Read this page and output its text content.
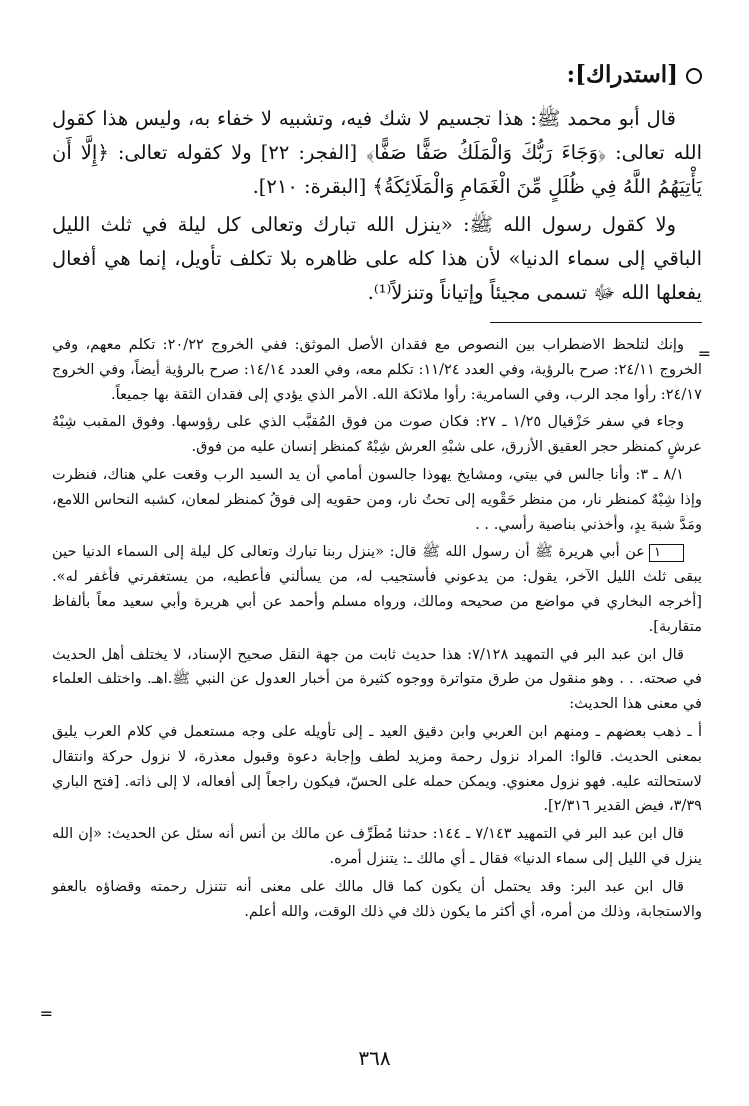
=
=
[استدراك]:

قال أبو محمد ﷺ: هذا تجسيم لا شك فيه، وتشبيه لا خفاء به، وليس هذا كقول الله تعالى: ﴿وَجَاءَ رَبُّكَ وَالْمَلَكُ صَفًّا صَفًّا﴾ [الفجر: ٢٢] ولا كقوله تعالى: ﴿إِلَّا أَن يَأْتِيَهُمُ اللَّهُ فِي ظُلَلٍ مِّنَ الْغَمَامِ وَالْمَلَائِكَةُ﴾ [البقرة: ٢١٠].

ولا كقول رسول الله ﷺ: «ينزل الله تبارك وتعالى كل ليلة في ثلث الليل الباقي إلى سماء الدنيا» لأن هذا كله على ظاهره بلا تكلف تأويل، إنما هي أفعال يفعلها الله ﷻ تسمى مجيئاً وإتياناً وتنزلاً⁽¹⁾.

وإنك لتلحظ الاضطراب بين النصوص مع فقدان الأصل الموثق: ففي الخروج ٢٠/٢٢: تكلم معهم، وفي الخروج ٢٤/١١: صرح بالرؤية، وفي العدد ١١/٢٤: تكلم معه، وفي العدد ١٤/١٤: صرح بالرؤية أيضاً، وفي الخروج ٢٤/١٧: رأوا مجد الرب، وفي السامرية: رأوا ملائكة الله. الأمر الذي يؤدي إلى فقدان الثقة بها جميعاً.

وجاء في سفر حَزْقيال ١/٢٥ ـ ٢٧: فكان صوت من فوق المُقبَّب الذي على رؤوسها. وفوق المقبب شِبْهُ عرشٍ كمنظر حجر العقيق الأزرق، على شبْهِ العرش شِبْهٌ كمنظر إنسان عليه من فوق.

٨/١ ـ ٣: وأنا جالس في بيتي، ومشايخ يهوذا جالسون أمامي أن يد السيد الرب وقعت علي هناك، فنظرت وإذا شِبْهٌ كمنظر نار، من منظر حَقْويه إلى تحتُ نار، ومن حقويه إلى فوقُ كمنظر لمعان، كشبه النحاس اللامع، ومَدَّ شبهَ يدٍ، وأخذني بناصية رأسي. . .

١عن أبي هريرة ﷺ أن رسول الله ﷺ قال: «ينزل ربنا تبارك وتعالى كل ليلة إلى السماء الدنيا حين يبقى ثلث الليل الآخر، يقول: من يدعوني فأستجيب له، من يسألني فأعطيه، من يستغفرني فأغفر له». [أخرجه البخاري في مواضع من صحيحه ومالك، ورواه مسلم وأحمد عن أبي هريرة وأبي سعيد معاً بألفاظ متقاربة].

قال ابن عبد البر في التمهيد ٧/١٢٨: هذا حديث ثابت من جهة النقل صحيح الإسناد، لا يختلف أهل الحديث في صحته. . . وهو منقول من طرق متواترة ووجوه كثيرة من أخبار العدول عن النبي ﷺ.اهـ. واختلف العلماء في معنى هذا الحديث:

أ ـ ذهب بعضهم ـ ومنهم ابن العربي وابن دقيق العيد ـ إلى تأويله على وجه مستعمل في كلام العرب يليق بمعنى الحديث. قالوا: المراد نزول رحمة ومزيد لطف وإجابة دعوة وقبول معذرة، لا نزول حركة وانتقال لاستحالته عليه. فهو نزول معنوي. ويمكن حمله على الحسّ، فيكون راجعاً إلى أفعاله، لا إلى ذاته. [فتح الباري ٣/٣٩، فيض القدير ٢/٣١٦].

قال ابن عبد البر في التمهيد ٧/١٤٣ ـ ١٤٤: حدثنا مُطَرِّف عن مالك بن أنس أنه سئل عن الحديث: «إن الله ينزل في الليل إلى سماء الدنيا» فقال ـ أي مالك ـ: يتنزل أمره.

قال ابن عبد البر: وقد يحتمل أن يكون كما قال مالك على معنى أنه تتنزل رحمته وقضاؤه بالعفو والاستجابة، وذلك من أمره، أي أكثر ما يكون ذلك في ذلك الوقت، والله أعلم.

٣٦٨
